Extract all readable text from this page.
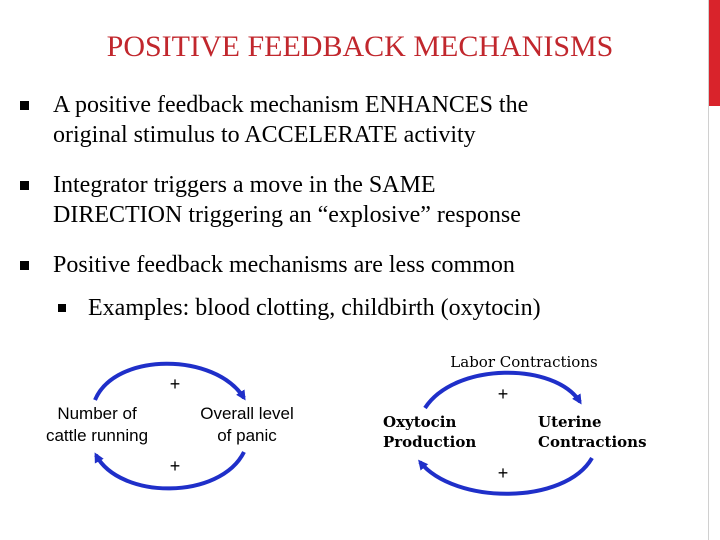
POSITIVE FEEDBACK MECHANISMS
A positive feedback mechanism ENHANCES the
original stimulus to ACCELERATE activity
Integrator triggers a move in the SAME
DIRECTION triggering an “explosive” response
Positive feedback mechanisms are less common
Examples: blood clotting, childbirth (oxytocin)
+
+
Number of
cattle running
Overall level
of panic
Labor Contractions
+
+
Oxytocin
Production
Uterine
Contractions
